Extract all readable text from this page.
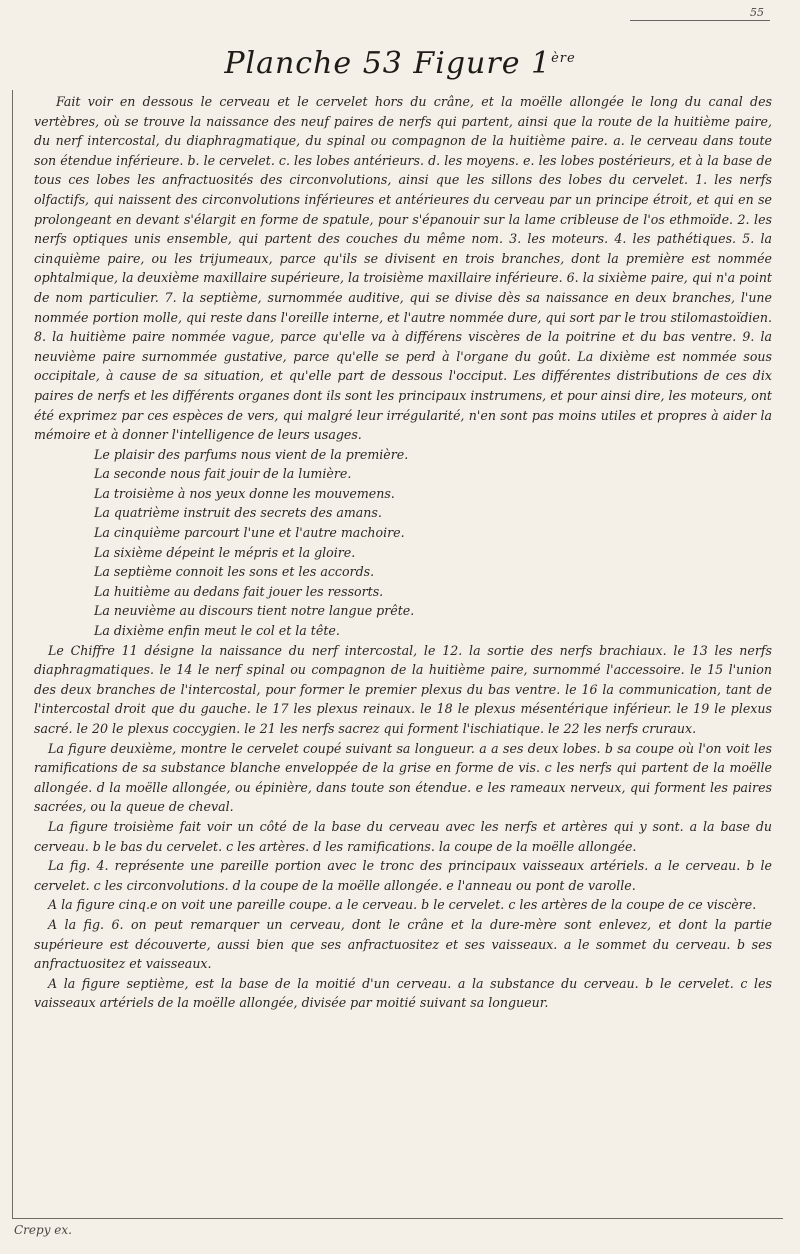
55
Planche 53 Figure 1ère

Fait voir en dessous le cerveau et le cervelet hors du crâne, et la moëlle allongée le long du canal des vertèbres, où se trouve la naissance des neuf paires de nerfs qui partent, ainsi que la route de la huitième paire, du nerf intercostal, du diaphragmatique, du spinal ou compagnon de la huitième paire. a. le cerveau dans toute son étendue inférieure. b. le cervelet. c. les lobes antérieurs. d. les moyens. e. les lobes postérieurs, et à la base de tous ces lobes les anfractuosités des circonvolutions, ainsi que les sillons des lobes du cervelet. 1. les nerfs olfactifs, qui naissent des circonvolutions inférieures et antérieures du cerveau par un principe étroit, et qui en se prolongeant en devant s'élargit en forme de spatule, pour s'épanouir sur la lame cribleuse de l'os ethmoïde. 2. les nerfs optiques unis ensemble, qui partent des couches du même nom. 3. les moteurs. 4. les pathétiques. 5. la cinquième paire, ou les trijumeaux, parce qu'ils se divisent en trois branches, dont la première est nommée ophtalmique, la deuxième maxillaire supérieure, la troisième maxillaire inférieure. 6. la sixième paire, qui n'a point de nom particulier. 7. la septième, surnommée auditive, qui se divise dès sa naissance en deux branches, l'une nommée portion molle, qui reste dans l'oreille interne, et l'autre nommée dure, qui sort par le trou stilomastoïdien. 8. la huitième paire nommée vague, parce qu'elle va à différens viscères de la poitrine et du bas ventre. 9. la neuvième paire surnommée gustative, parce qu'elle se perd à l'organe du goût. La dixième est nommée sous occipitale, à cause de sa situation, et qu'elle part de dessous l'occiput. Les différentes distributions de ces dix paires de nerfs et les différents organes dont ils sont les principaux instrumens, et pour ainsi dire, les moteurs, ont été exprimez par ces espèces de vers, qui malgré leur irrégularité, n'en sont pas moins utiles et propres à aider la mémoire et à donner l'intelligence de leurs usages.

Le plaisir des parfums nous vient de la première.
La seconde nous fait jouir de la lumière.
La troisième à nos yeux donne les mouvemens.
La quatrième instruit des secrets des amans.
La cinquième parcourt l'une et l'autre machoire.
La sixième dépeint le mépris et la gloire.
La septième connoit les sons et les accords.
La huitième au dedans fait jouer les ressorts.
La neuvième au discours tient notre langue prête.
La dixième enfin meut le col et la tête.

Le Chiffre 11 désigne la naissance du nerf intercostal, le 12. la sortie des nerfs brachiaux. le 13 les nerfs diaphragmatiques. le 14 le nerf spinal ou compagnon de la huitième paire, surnommé l'accessoire. le 15 l'union des deux branches de l'intercostal, pour former le premier plexus du bas ventre. le 16 la communication, tant de l'intercostal droit que du gauche. le 17 les plexus reinaux. le 18 le plexus mésentérique inférieur. le 19 le plexus sacré. le 20 le plexus coccygien. le 21 les nerfs sacrez qui forment l'ischiatique. le 22 les nerfs cruraux.

La figure deuxième, montre le cervelet coupé suivant sa longueur. a a ses deux lobes. b sa coupe où l'on voit les ramifications de sa substance blanche enveloppée de la grise en forme de vis. c les nerfs qui partent de la moëlle allongée. d la moëlle allongée, ou épinière, dans toute son étendue. e les rameaux nerveux, qui forment les paires sacrées, ou la queue de cheval.

La figure troisième fait voir un côté de la base du cerveau avec les nerfs et artères qui y sont. a la base du cerveau. b le bas du cervelet. c les artères. d les ramifications. la coupe de la moëlle allongée.

La fig. 4. représente une pareille portion avec le tronc des principaux vaisseaux artériels. a le cerveau. b le cervelet. c les circonvolutions. d la coupe de la moëlle allongée. e l'anneau ou pont de varolle.

A la figure cinq.e on voit une pareille coupe. a le cerveau. b le cervelet. c les artères de la coupe de ce viscère.

A la fig. 6. on peut remarquer un cerveau, dont le crâne et la dure-mère sont enlevez, et dont la partie supérieure est découverte, aussi bien que ses anfractuositez et ses vaisseaux. a le sommet du cerveau. b ses anfractuositez et vaisseaux.

A la figure septième, est la base de la moitié d'un cerveau. a la substance du cerveau. b le cervelet. c les vaisseaux artériels de la moëlle allongée, divisée par moitié suivant sa longueur.

Crepy ex.
